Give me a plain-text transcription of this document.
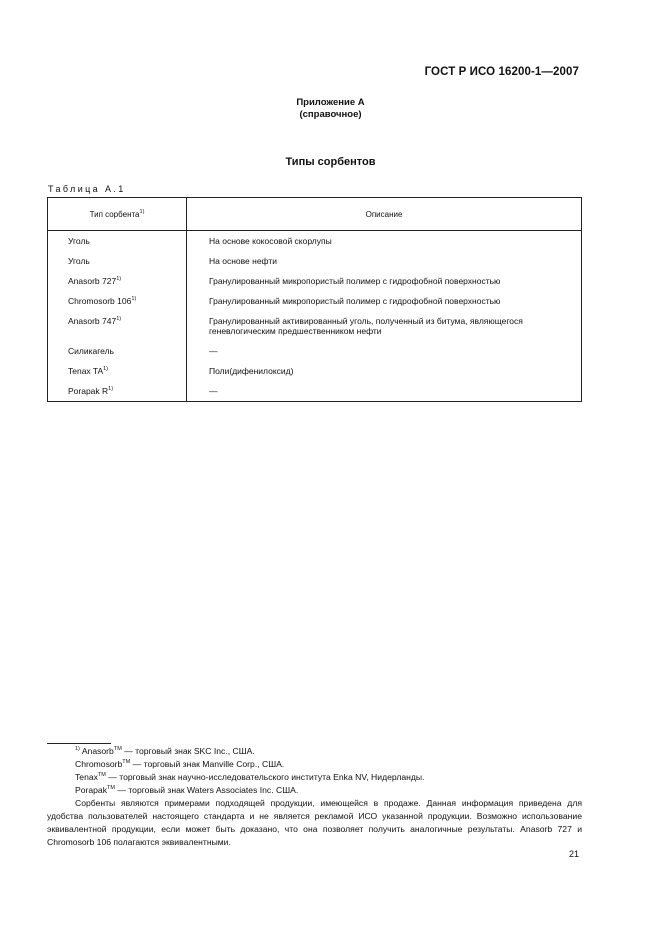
ГОСТ Р ИСО 16200-1—2007
Приложение А
(справочное)
Типы сорбентов
Таблица А.1
Тип сорбента$^{1)}$	Описание
Уголь	На основе кокосовой скорлупы
Уголь	На основе нефти
Anasorb 727$^{1)}$	Гранулированный микропористый полимер с гидрофобной поверхностью
Chromosorb 106$^{1)}$	Гранулированный микропористый полимер с гидрофобной поверхностью
Anasorb 747$^{1)}$	Гранулированный активированный уголь, полученный из битума, являющегося геневлогическим предшественником нефти
Силикагель	—
Tenax TA$^{1)}$	Поли(дифенилоксид)
Porapak $R^{1)}$	—

$^{1)}$ Anasorb™ — торговый знак SKC Inc., США.

Chromosorb™ — торговый знак Manville Corp., США.

Tenax™ — торговый знак научно-исследовательского института Enka NV, Нидерланды.

Porapak™ — торговый знак Waters Associates Inc. США.

Сорбенты являются примерами подходящей продукции, имеющейся в продаже. Данная информация приведена для удобства пользователей настоящего стандарта и не является рекламой ИСО указанной продукции. Возможно использование эквивалентной продукции, если может быть доказано, что она позволяет получить аналогичные результаты. Anasorb 727 и Chromosorb 106 полагаются эквивалентными.

21
